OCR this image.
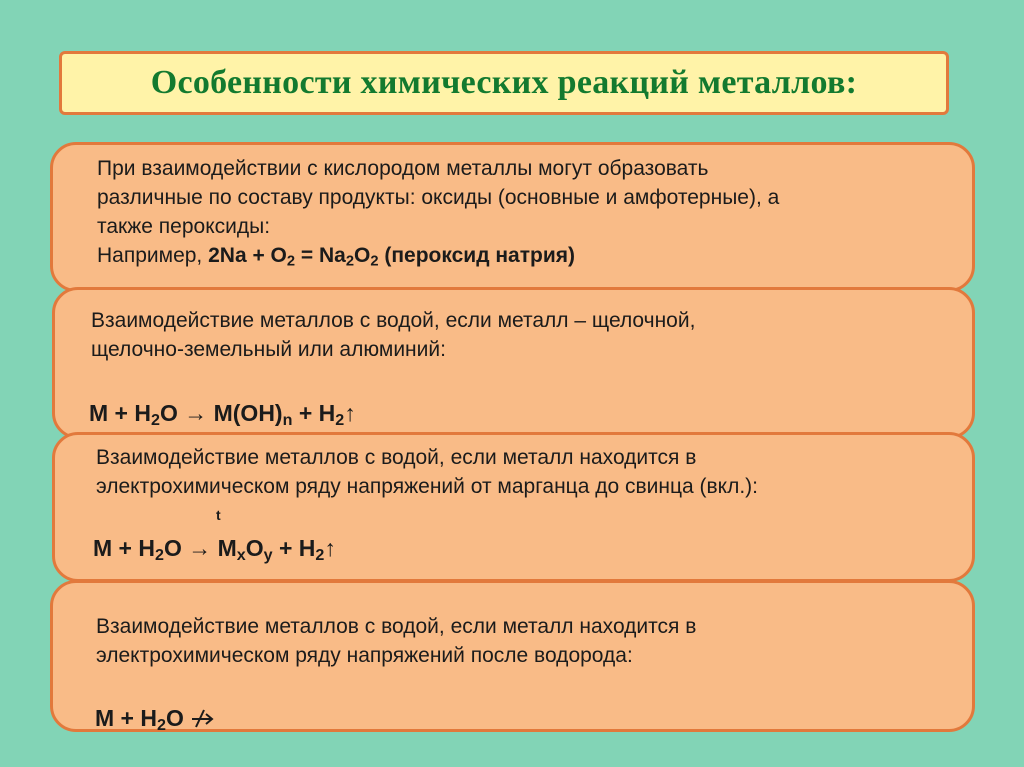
Особенности химических реакций металлов:
При взаимодействии с кислородом металлы могут образовать
различные по составу продукты: оксиды (основные и амфотерные), а
также пероксиды:
Например, $2Na + O_2 = Na_2O_2$ (пероксид натрия)
Взаимодействие металлов с водой, если металл – щелочной,
щелочно-земельный или алюминий:
$M + H_2O \to M(OH)_n$ + $H_2↑$
Взаимодействие металлов с водой, если металл находится в
электрохимическом ряду напряжений от марганца до свинца (вкл.):
t
$M + H_2O \to M_xO_y$ + $H_2↑$
Взаимодействие металлов с водой, если металл находится в
электрохимическом ряду напряжений после водорода:
$M + H_2O$
